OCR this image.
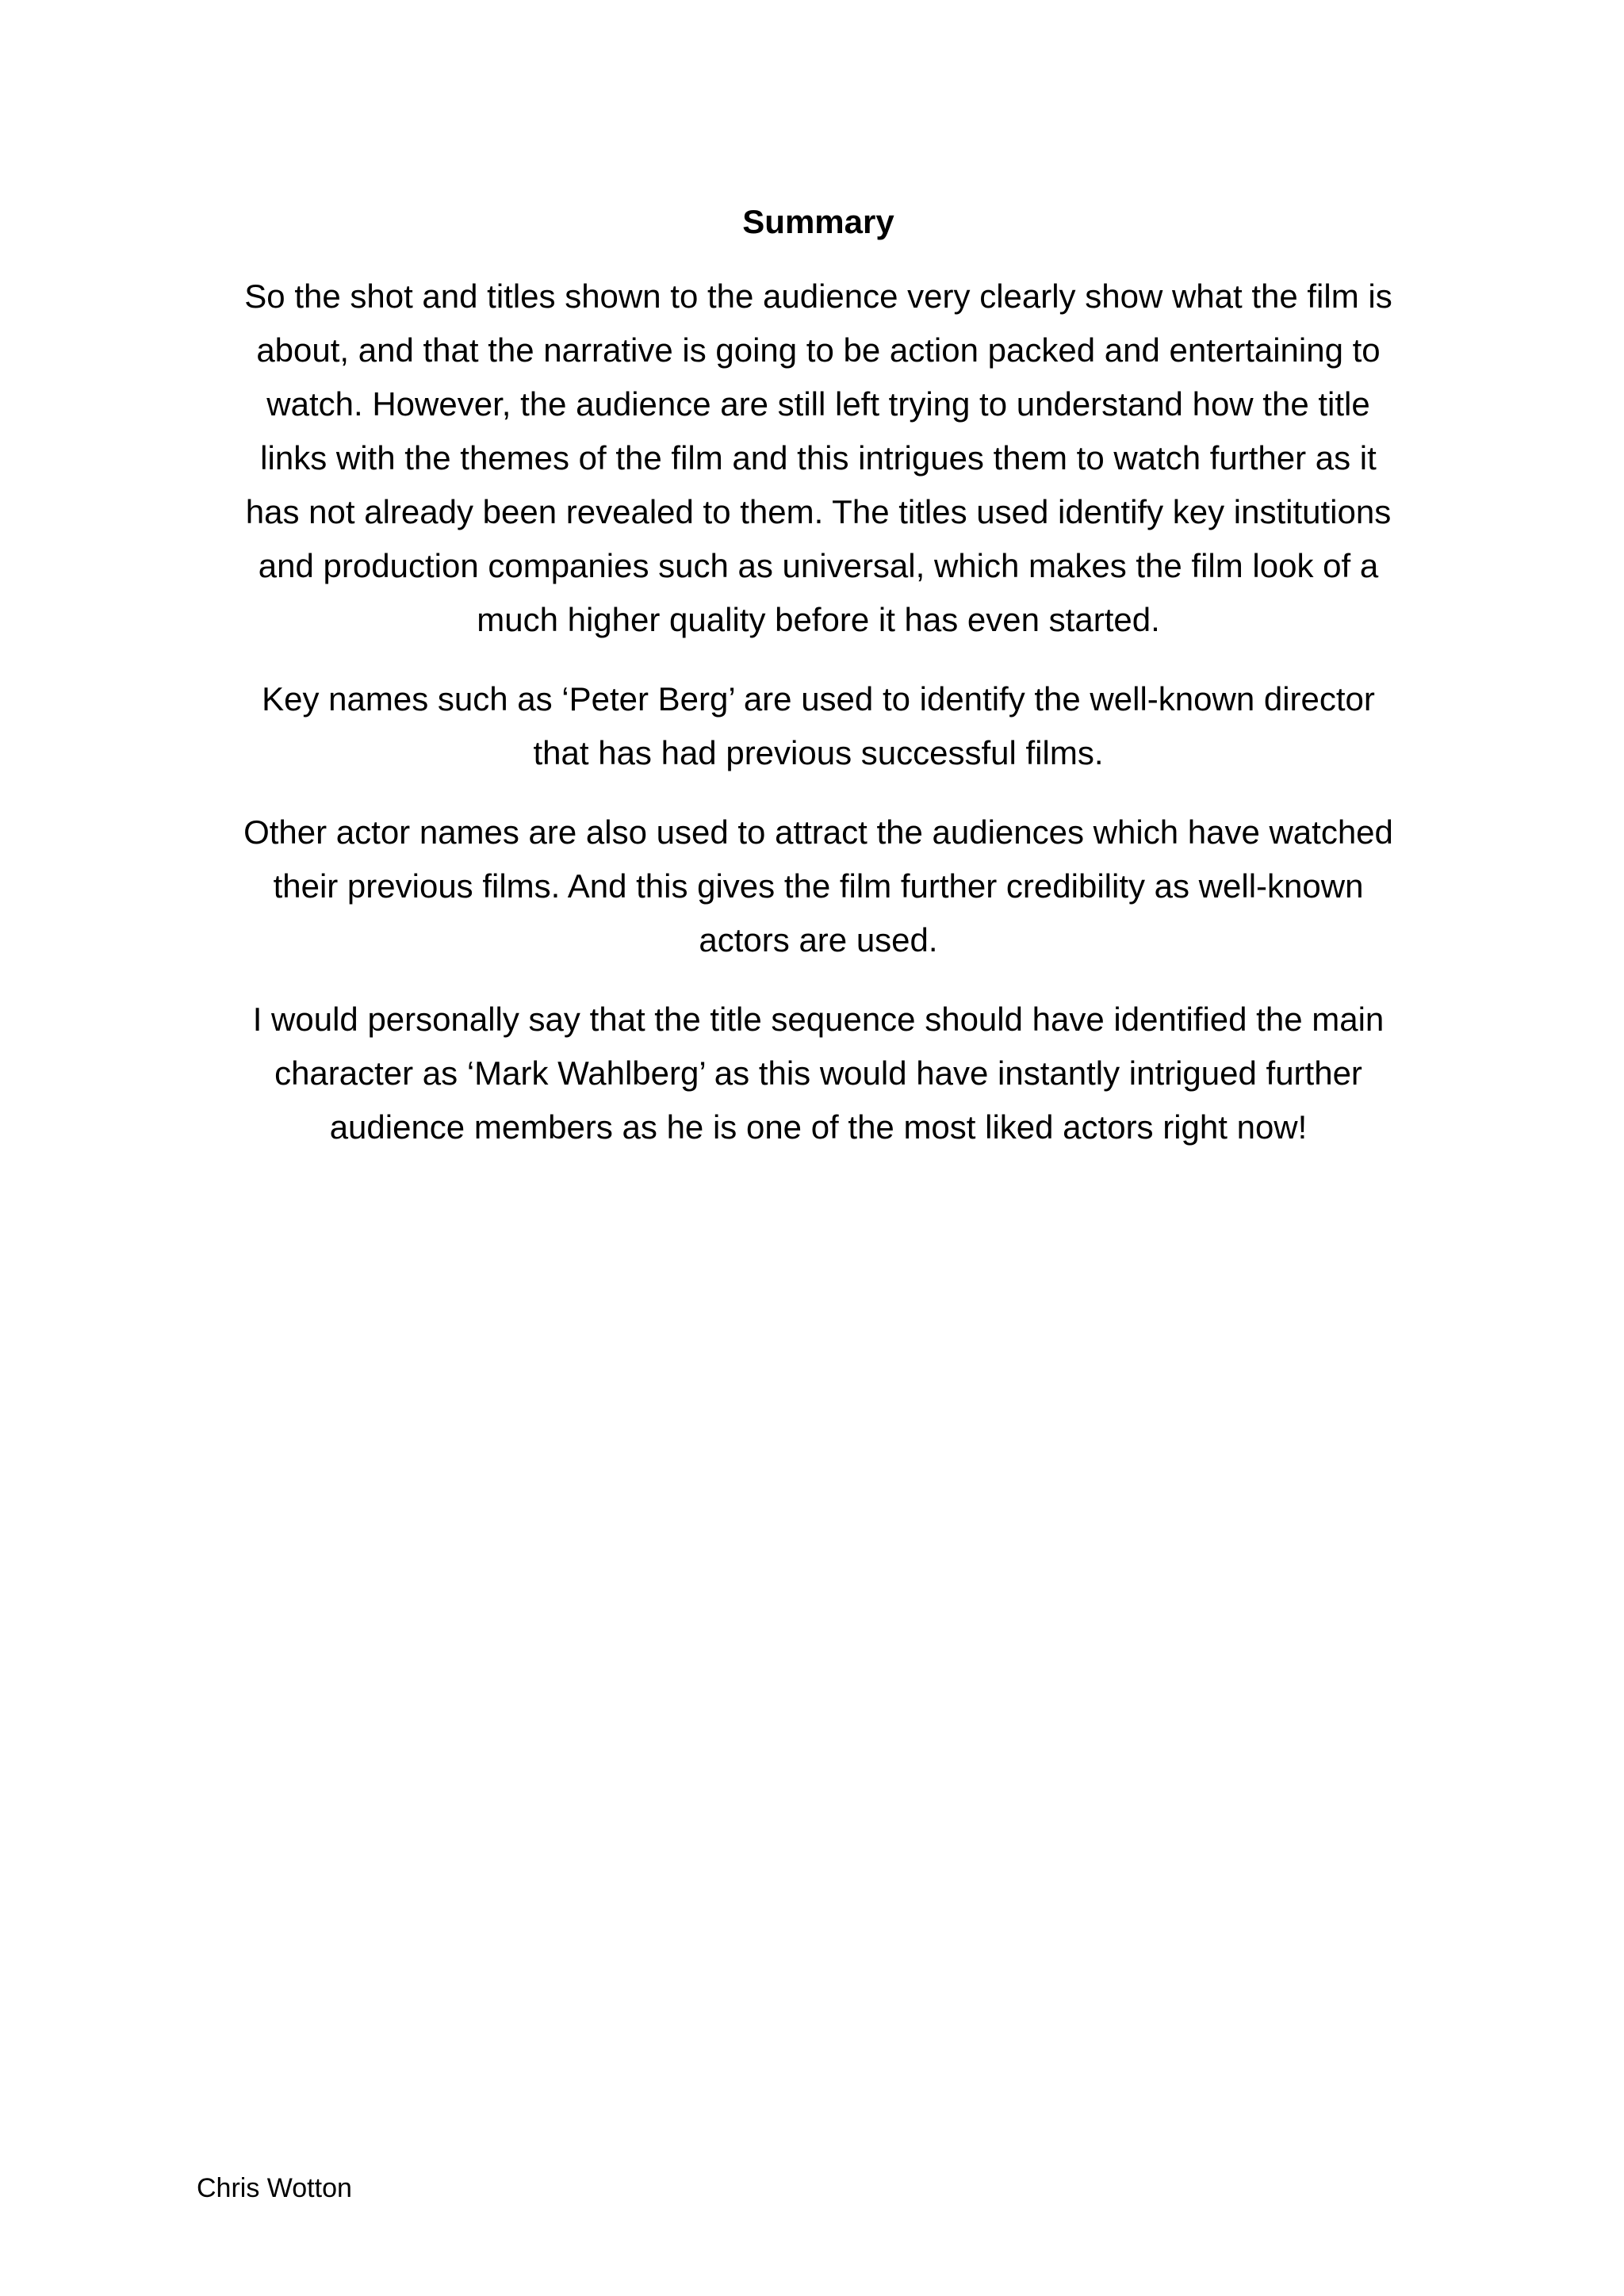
Summary

So the shot and titles shown to the audience very clearly show what the film is
about, and that the narrative is going to be action packed and entertaining to
watch. However, the audience are still left trying to understand how the title
links with the themes of the film and this intrigues them to watch further as it
has not already been revealed to them. The titles used identify key institutions
and production companies such as universal, which makes the film look of a
much higher quality before it has even started.

Key names such as ‘Peter Berg’ are used to identify the well-known director
that has had previous successful films.

Other actor names are also used to attract the audiences which have watched
their previous films. And this gives the film further credibility as well-known
actors are used.

I would personally say that the title sequence should have identified the main
character as ‘Mark Wahlberg’ as this would have instantly intrigued further
audience members as he is one of the most liked actors right now!

Chris Wotton
